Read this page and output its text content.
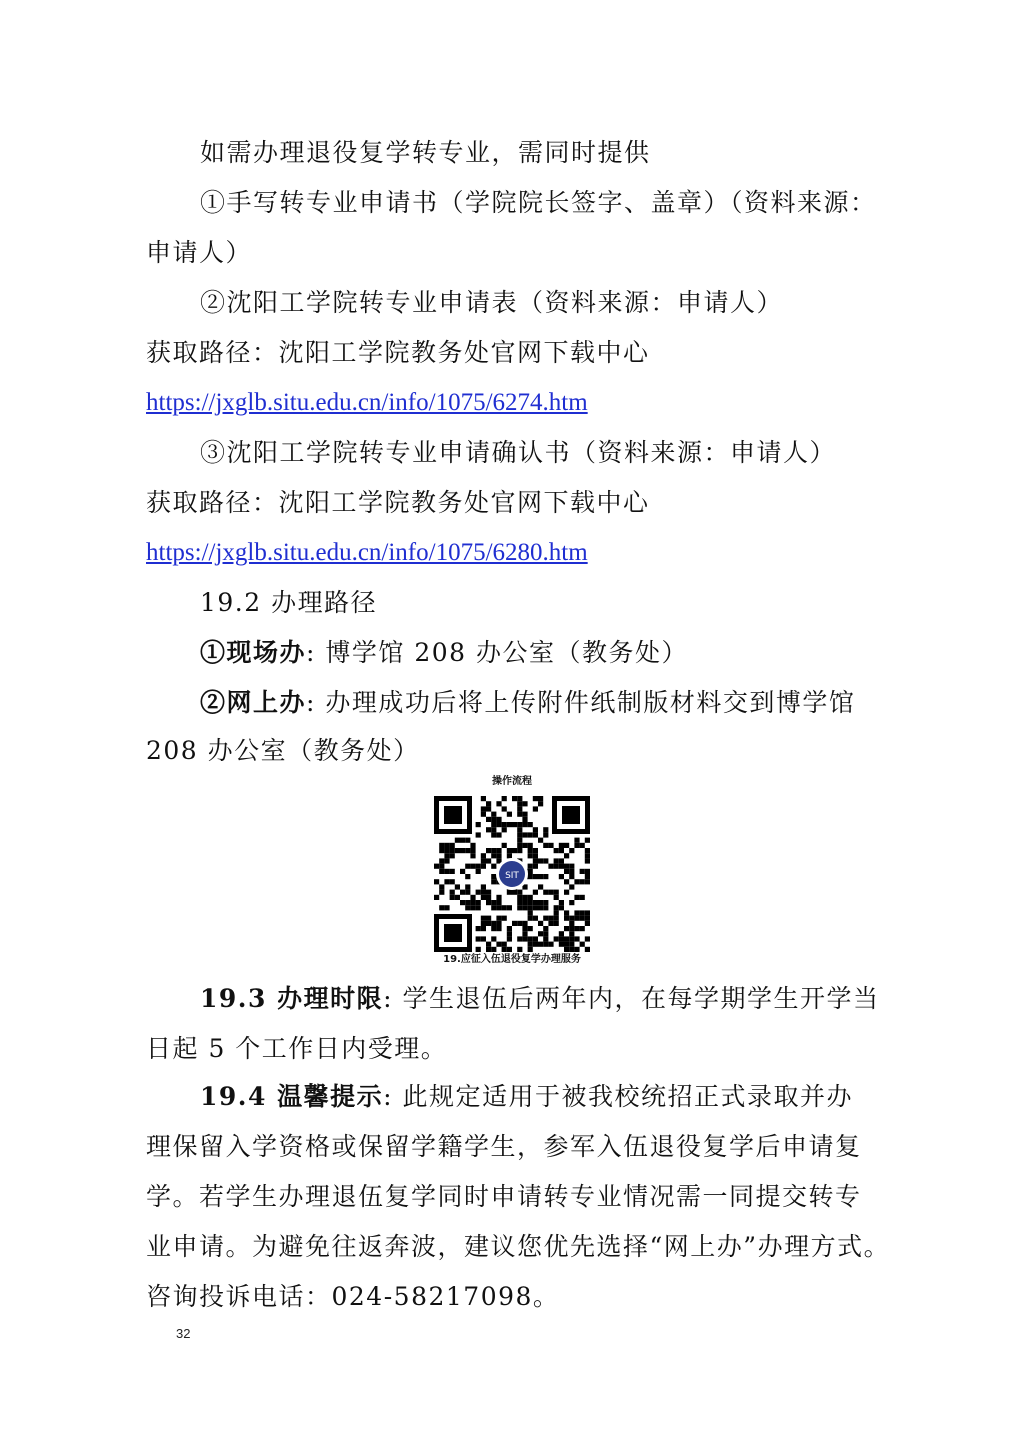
如需办理退役复学转专业，需同时提供
①手写转专业申请书（学院院长签字、盖章）（资料来源：
申请人）
②沈阳工学院转专业申请表（资料来源：申请人）
获取路径：沈阳工学院教务处官网下载中心
https://jxglb.situ.edu.cn/info/1075/6274.htm
③沈阳工学院转专业申请确认书（资料来源：申请人）
获取路径：沈阳工学院教务处官网下载中心
https://jxglb.situ.edu.cn/info/1075/6280.htm
19.2 办理路径
①现场办: 博学馆 208 办公室（教务处）
②网上办: 办理成功后将上传附件纸制版材料交到博学馆
208 办公室（教务处）
操作流程
SIT
19.应征入伍退役复学办理服务
19.3 办理时限: 学生退伍后两年内，在每学期学生开学当
日起 5 个工作日内受理。
19.4 温馨提示: 此规定适用于被我校统招正式录取并办
理保留入学资格或保留学籍学生，参军入伍退役复学后申请复
学。若学生办理退伍复学同时申请转专业情况需一同提交转专
业申请。为避免往返奔波，建议您优先选择“网上办”办理方式。
咨询投诉电话：024-58217098。
32
